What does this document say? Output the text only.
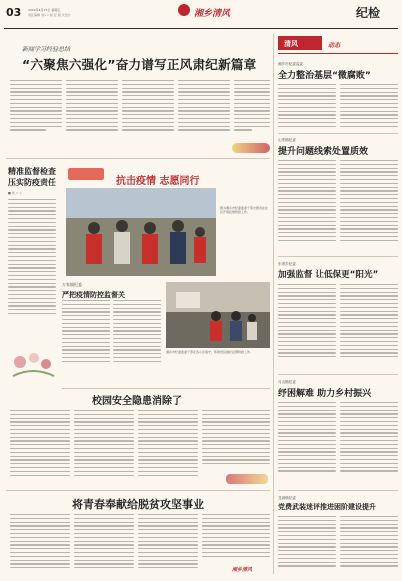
03 2022年4月15日 星期五
责任编辑 刘×× 版 张 版 式设计	湘乡清风	纪检
新闻学习经验总结
“六聚焦六强化”奋力谱写正风肃纪新篇章
精准监督检查
压实防疫责任
■ 刘 × ×
抗击疫情 志愿同行
图为湘乡市纪委监委干部志愿者在社区开展疫情防控工作。
万家镇纪委
严把疫情防控监督关
湘乡市纪委监委干部在各小区值守，帮助居民做好疫情防控工作。
校园安全隐患消除了
将青春奉献给脱贫攻坚事业
湘乡清风
清风	动态
湘乡市纪委监委
全力整治基层“微腐败”
山枣镇纪委
提升问题线索处置质效
东郊乡纪委
加强监督 让低保更“阳光”
月山镇纪委
纾困解难 助力乡村振兴
龙洞镇纪委
党费武装迷评推进困阶建设提升
